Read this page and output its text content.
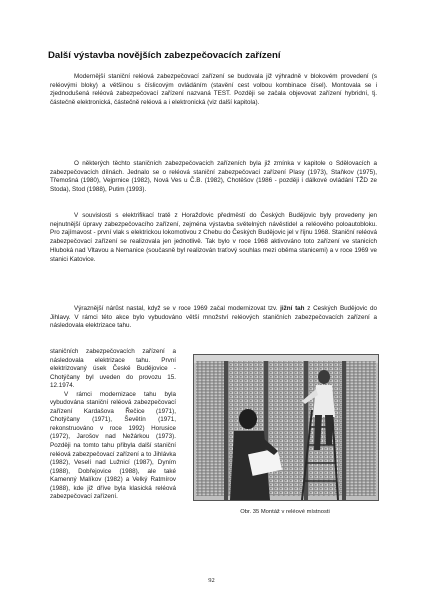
Další výstavba novějších zabezpečovacích zařízení

Modernější staniční reléová zabezpečovací zařízení se budovala již výhradně v blokovém provedení (s reléovými bloky) a většinou s číslicovým ovládáním (stavění cest volbou kombinace čísel). Montovala se i zjednodušená reléová zabezpečovací zařízení nazvaná TEST. Později se začala objevovat zařízení hybridní, tj. částečně elektronická, částečně reléová a i elektronická (viz další kapitola).

O některých těchto staničních zabezpečovacích zařízeních byla již zmínka v kapitole o Sdělovacích a zabezpečovacích dílnách. Jednalo se o reléová staniční zabezpečovací zařízení Plasy (1973), Staňkov (1975), Třemošná (1980), Vejprnice (1982), Nová Ves u Č.B. (1982), Chotěšov (1986 - později i dálkové ovládání TŽD ze Stoda), Stod (1988), Putim (1993).

V souvislosti s elektrifikací tratě z Horažďovic předměstí do Českých Budějovic byly provedeny jen nejnutnější úpravy zabezpečovacího zařízení, zejména výstavba světelných návěstidel a reléového poloautobloku. Pro zajímavost - první vlak s elektrickou lokomotivou z Chebu do Českých Budějovic jel v říjnu 1968. Staniční reléová zabezpečovací zařízení se realizovala jen jednotlivě. Tak bylo v roce 1968 aktivováno toto zařízení ve stanicích Hluboká nad Vltavou a Nemanice (současně byl realizován traťový souhlas mezi oběma stanicemi) a v roce 1969 ve stanici Katovice.

Výraznější nárůst nastal, když se v roce 1969 začal modernizovat tzv. jižní tah z Českých Budějovic do Jihlavy. V rámci této akce bylo vybudováno větší množství reléových staničních zabezpečovacích zařízení a následovala elektrizace tahu.

staničních zabezpečovacích zařízení a následovala elektrizace tahu. První elektrizovaný úsek České Budějovice - Chotýčany byl uveden do provozu 15. 12.1974.

V rámci modernizace tahu byla vybudována staniční reléová zabezpečovací zařízení Kardašova Řečice (1971), Chotýčany (1971), Ševětín (1971, rekonstruováno v roce 1992) Horusice (1972), Jarošov nad Nežárkou (1973). Později na tomto tahu přibyla další staniční reléová zabezpečovací zařízení a to Jihlávka (1982), Veselí nad Lužnicí (1987), Dyním (1988), Dobřejovice (1988), ale také Kamenný Malíkov (1982) a Velký Ratmírov (1988), kde již dříve byla klasická reléová zabezpečovací zařízení.

Obr. 35 Montáž v reléové místnosti
92
